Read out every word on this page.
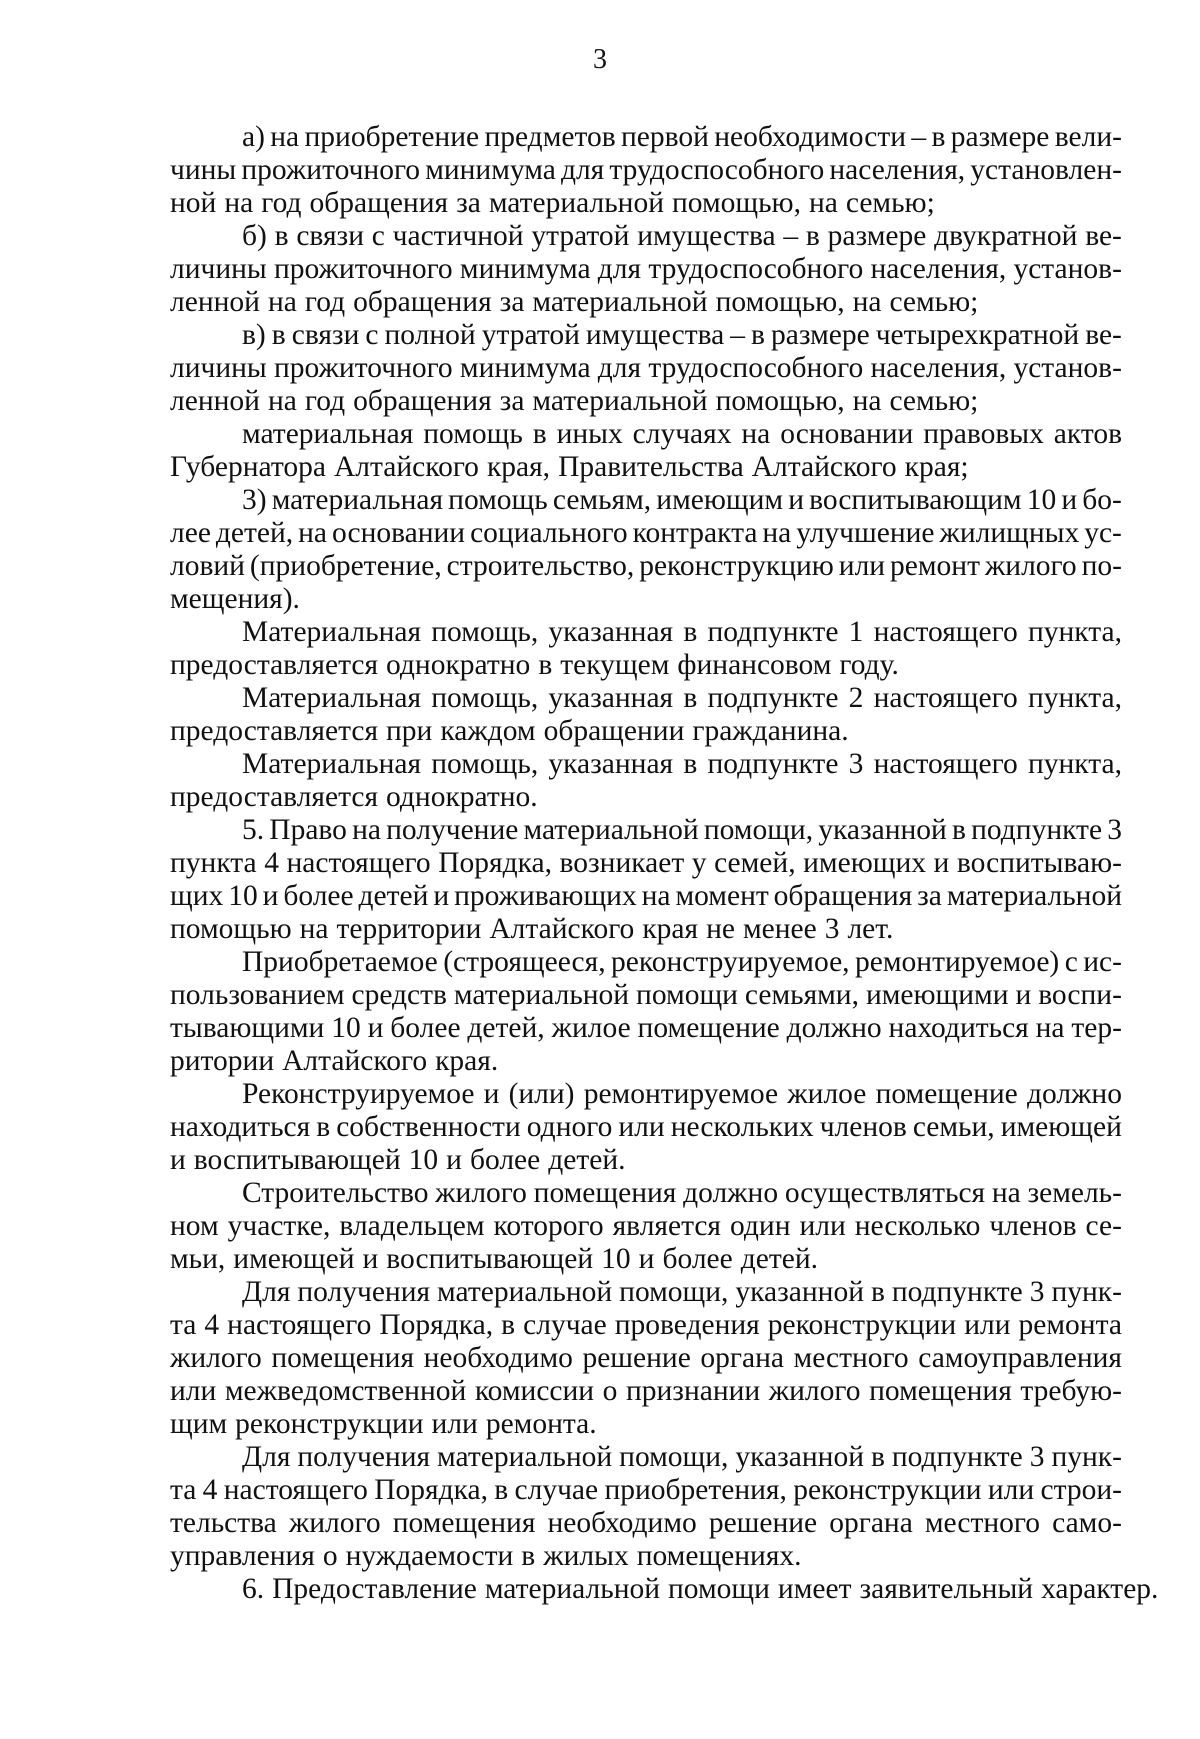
3
а) на приобретение предметов первой необходимости – в размере вели-
чины прожиточного минимума для трудоспособного населения, установлен-
ной на год обращения за материальной помощью, на семью;
б) в связи с частичной утратой имущества – в размере двукратной ве-
личины прожиточного минимума для трудоспособного населения, установ-
ленной на год обращения за материальной помощью, на семью;
в) в связи с полной утратой имущества – в размере четырехкратной ве-
личины прожиточного минимума для трудоспособного населения, установ-
ленной на год обращения за материальной помощью, на семью;
материальная помощь в иных случаях на основании правовых актов
Губернатора Алтайского края, Правительства Алтайского края;
3) материальная помощь семьям, имеющим и воспитывающим 10 и бо-
лее детей, на основании социального контракта на улучшение жилищных ус-
ловий (приобретение, строительство, реконструкцию или ремонт жилого по-
мещения).
Материальная помощь, указанная в подпункте 1 настоящего пункта,
предоставляется однократно в текущем финансовом году.
Материальная помощь, указанная в подпункте 2 настоящего пункта,
предоставляется при каждом обращении гражданина.
Материальная помощь, указанная в подпункте 3 настоящего пункта,
предоставляется однократно.
5. Право на получение материальной помощи, указанной в подпункте 3
пункта 4 настоящего Порядка, возникает у семей, имеющих и воспитываю-
щих 10 и более детей и проживающих на момент обращения за материальной
помощью на территории Алтайского края не менее 3 лет.
Приобретаемое (строящееся, реконструируемое, ремонтируемое) с ис-
пользованием средств материальной помощи семьями, имеющими и воспи-
тывающими 10 и более детей, жилое помещение должно находиться на тер-
ритории Алтайского края.
Реконструируемое и (или) ремонтируемое жилое помещение должно
находиться в собственности одного или нескольких членов семьи, имеющей
и воспитывающей 10 и более детей.
Строительство жилого помещения должно осуществляться на земель-
ном участке, владельцем которого является один или несколько членов се-
мьи, имеющей и воспитывающей 10 и более детей.
Для получения материальной помощи, указанной в подпункте 3 пунк-
та 4 настоящего Порядка, в случае проведения реконструкции или ремонта
жилого помещения необходимо решение органа местного самоуправления
или межведомственной комиссии о признании жилого помещения требую-
щим реконструкции или ремонта.
Для получения материальной помощи, указанной в подпункте 3 пунк-
та 4 настоящего Порядка, в случае приобретения, реконструкции или строи-
тельства жилого помещения необходимо решение органа местного само-
управления о нуждаемости в жилых помещениях.
6. Предоставление материальной помощи имеет заявительный характер.
